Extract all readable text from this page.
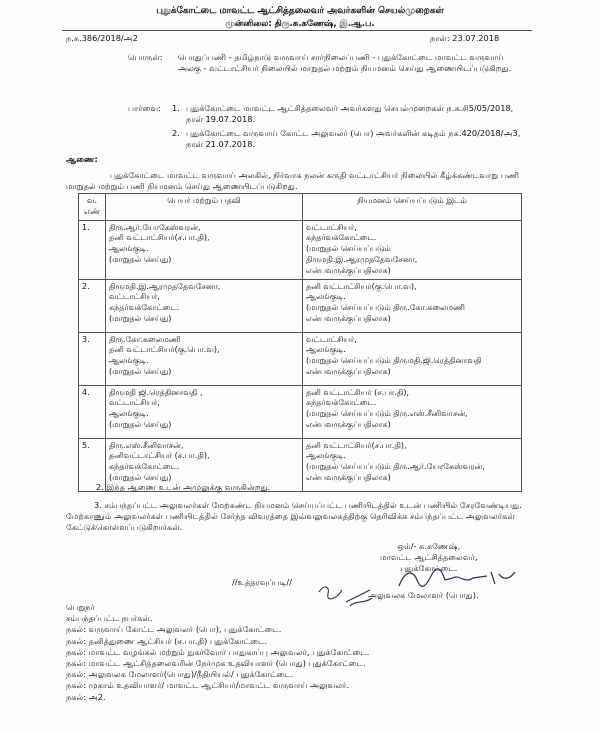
புதுக்கோட்டை மாவட்ட ஆட்சித்தலைவர் அவர்களின் செயல்முறைகள்
முன்னிலை: திரு.சு.கணேஷ், இ.ஆ.ப.
ந.க.386/2018/அ2	நாள்: 23.07.2018
பொருள்: பொதுப்பணி - தமிழ்நாடு வருவாய் சார்நிலைப்பணி - புதுக்கோட்டை மாவட்ட வருவாய் அலகு - வட்டாட்சியர் நிலையில் மாறுதல் மற்றும் நியமனம் செய்து ஆணையிடப்படுகிறது.
பார்வை: 1. புதுக்கோட்டை மாவட்ட ஆட்சித்தலைவர் அவர்களது செயல்முறைகள் ந.க.சி5/05/2018, நாள் 19.07.2018.
2. புதுக்கோட்டை வருவாய் கோட்ட அலுவலர் (பொ) அவர்களின் கடிதம் நக.420/2018/அ3, நாள் 21.07.2018.
ஆணை:
புதுக்கோட்டை மாவட்ட வருவாய் அலகில், நிர்வாக நலன் கருதி வட்டாட்சியர் நிலையில் கீழ்க்கண்டவாறு பணி மாறுதல் மற்றும் பணி நியமனம் செய்து ஆணையிடப்படுகிறது.
வ. எண்	பெயர் மற்றும் பதவி	நியமனம் செய்யப்படும் இடம்
1.	திரு.ஆர்.யோகேஸ்வரன்,
தனி வட்டாட்சியர்(ச.பா.தி),
ஆலங்குடி.
(மாறுதல் செய்து)	வட்டாட்சியர்,
கந்தர்வக்கோட்டை.
(மாறுதல் செய்யப்படும்
திருமதி.இ.ஆரமுததேவசேனா,
என்பவருக்குப்பதிலாக)

2.	திருமதி.இ.ஆரமுததேவசேனா,
வட்டாட்சியர்,
கந்தர்வக்கோட்டை.
(மாறுதல் செய்து)	தனி வட்டாட்சியர்(கு.பொ.வ),
ஆலங்குடி.
(மாறுதல் செய்யப்படும் திரு.கோ.கலைமணி
என்பவருக்குப்பதிலாக)

3.	திரு.கோ.கலைமணி
தனி வட்டாட்சியர்(கு.பொ.வ),
ஆலங்குடி.
(மாறுதல் செய்து)	வட்டாட்சியர்,
ஆலங்குடி.
(மாறுதல் செய்யப்படும் திருமதி.ஜி.ரெத்தினாவதி
என்பவருக்குப்பதிலாக)

4.	திருமதி ஜி.ரெத்தினாவதி ,
வட்டாட்சியர்,
ஆலங்குடி.
(மாறுதல் செய்து)	தனி வட்டாட்சியர் (ச.பா.தி),
கந்தர்வக்கோட்டை.
(மாறுதல் செய்யப்படும் திரு.எஸ்.சீனிவாசன்,
என்பவருக்குப்பதிலாக)

5.	திரு.எஸ்.சீனிவாசன்,
தனிவட்டாட்சியர் (ச.பா.தி),
கந்தர்வக்கோட்டை.
(மாறுதல் செய்து)	தனி வட்டாட்சியர்(ச.பா.தி),
ஆலங்குடி.
(மாறுதல் செய்யப்படும் திரு.ஆர்.யோகேஸ்வரன்,
என்பவருக்குப்பதிலாக)
2. இந்த ஆணை உடன் அமுலுக்கு வருகின்றது.
3. சம்பந்தப்பட்ட அலுவலர்கள் மேற்கண்ட நியமனம் செய்யப்பட்ட பணியிடத்தில் உடன் பணியில் சேரவேண்டியது. மேற்காணும் அலுவலர்கள் பணியிடத்தில் சேர்ந்த விவரத்தை இவ்வலுவலகத்திற்கு தெரிவிக்க சம்பந்தப்பட்ட அலுவலர்கள் கேட்டுக்கொள்ளப்படுகிறார்கள்.
ஒம்/- சு.கணேஷ்,
மாவட்ட ஆட்சித்தலைவர்,
புதுக்கோட்டை.
//உத்தரவுப்படி//
அலுவலக மேலாளர் (பொது).
பெறுநர்
சம்பந்தப்பட்ட நபர்கள்.
நகல்: வருவாய் கோட்ட அலுவலர் (பொ), புதுக்கோட்டை.
நகல்: தனித்துணை ஆட்சியர் (ச.பா.தி) புதுக்கோட்டை.
நகல்: மாவட்ட வழங்கல் மற்றும் நுகர்வோர் பாதுகாப்பு அலுவலர், புதுக்கோட்டை.
நகல்: மாவட்ட ஆட்சித்தலைவரின் நேர்முக உதவியாளர் (பொது) புதுக்கோட்டை.
நகல்: அலுவலக மேலாளர்(பொது)/நீதியியல்/ புதுக்கோட்டை.
நகல்: முகாம் உதவியாளர்/ மாவட்ட ஆட்சியர்/மாவட்ட வருவாய் அலுவலர்.
நகல்: அ2.
